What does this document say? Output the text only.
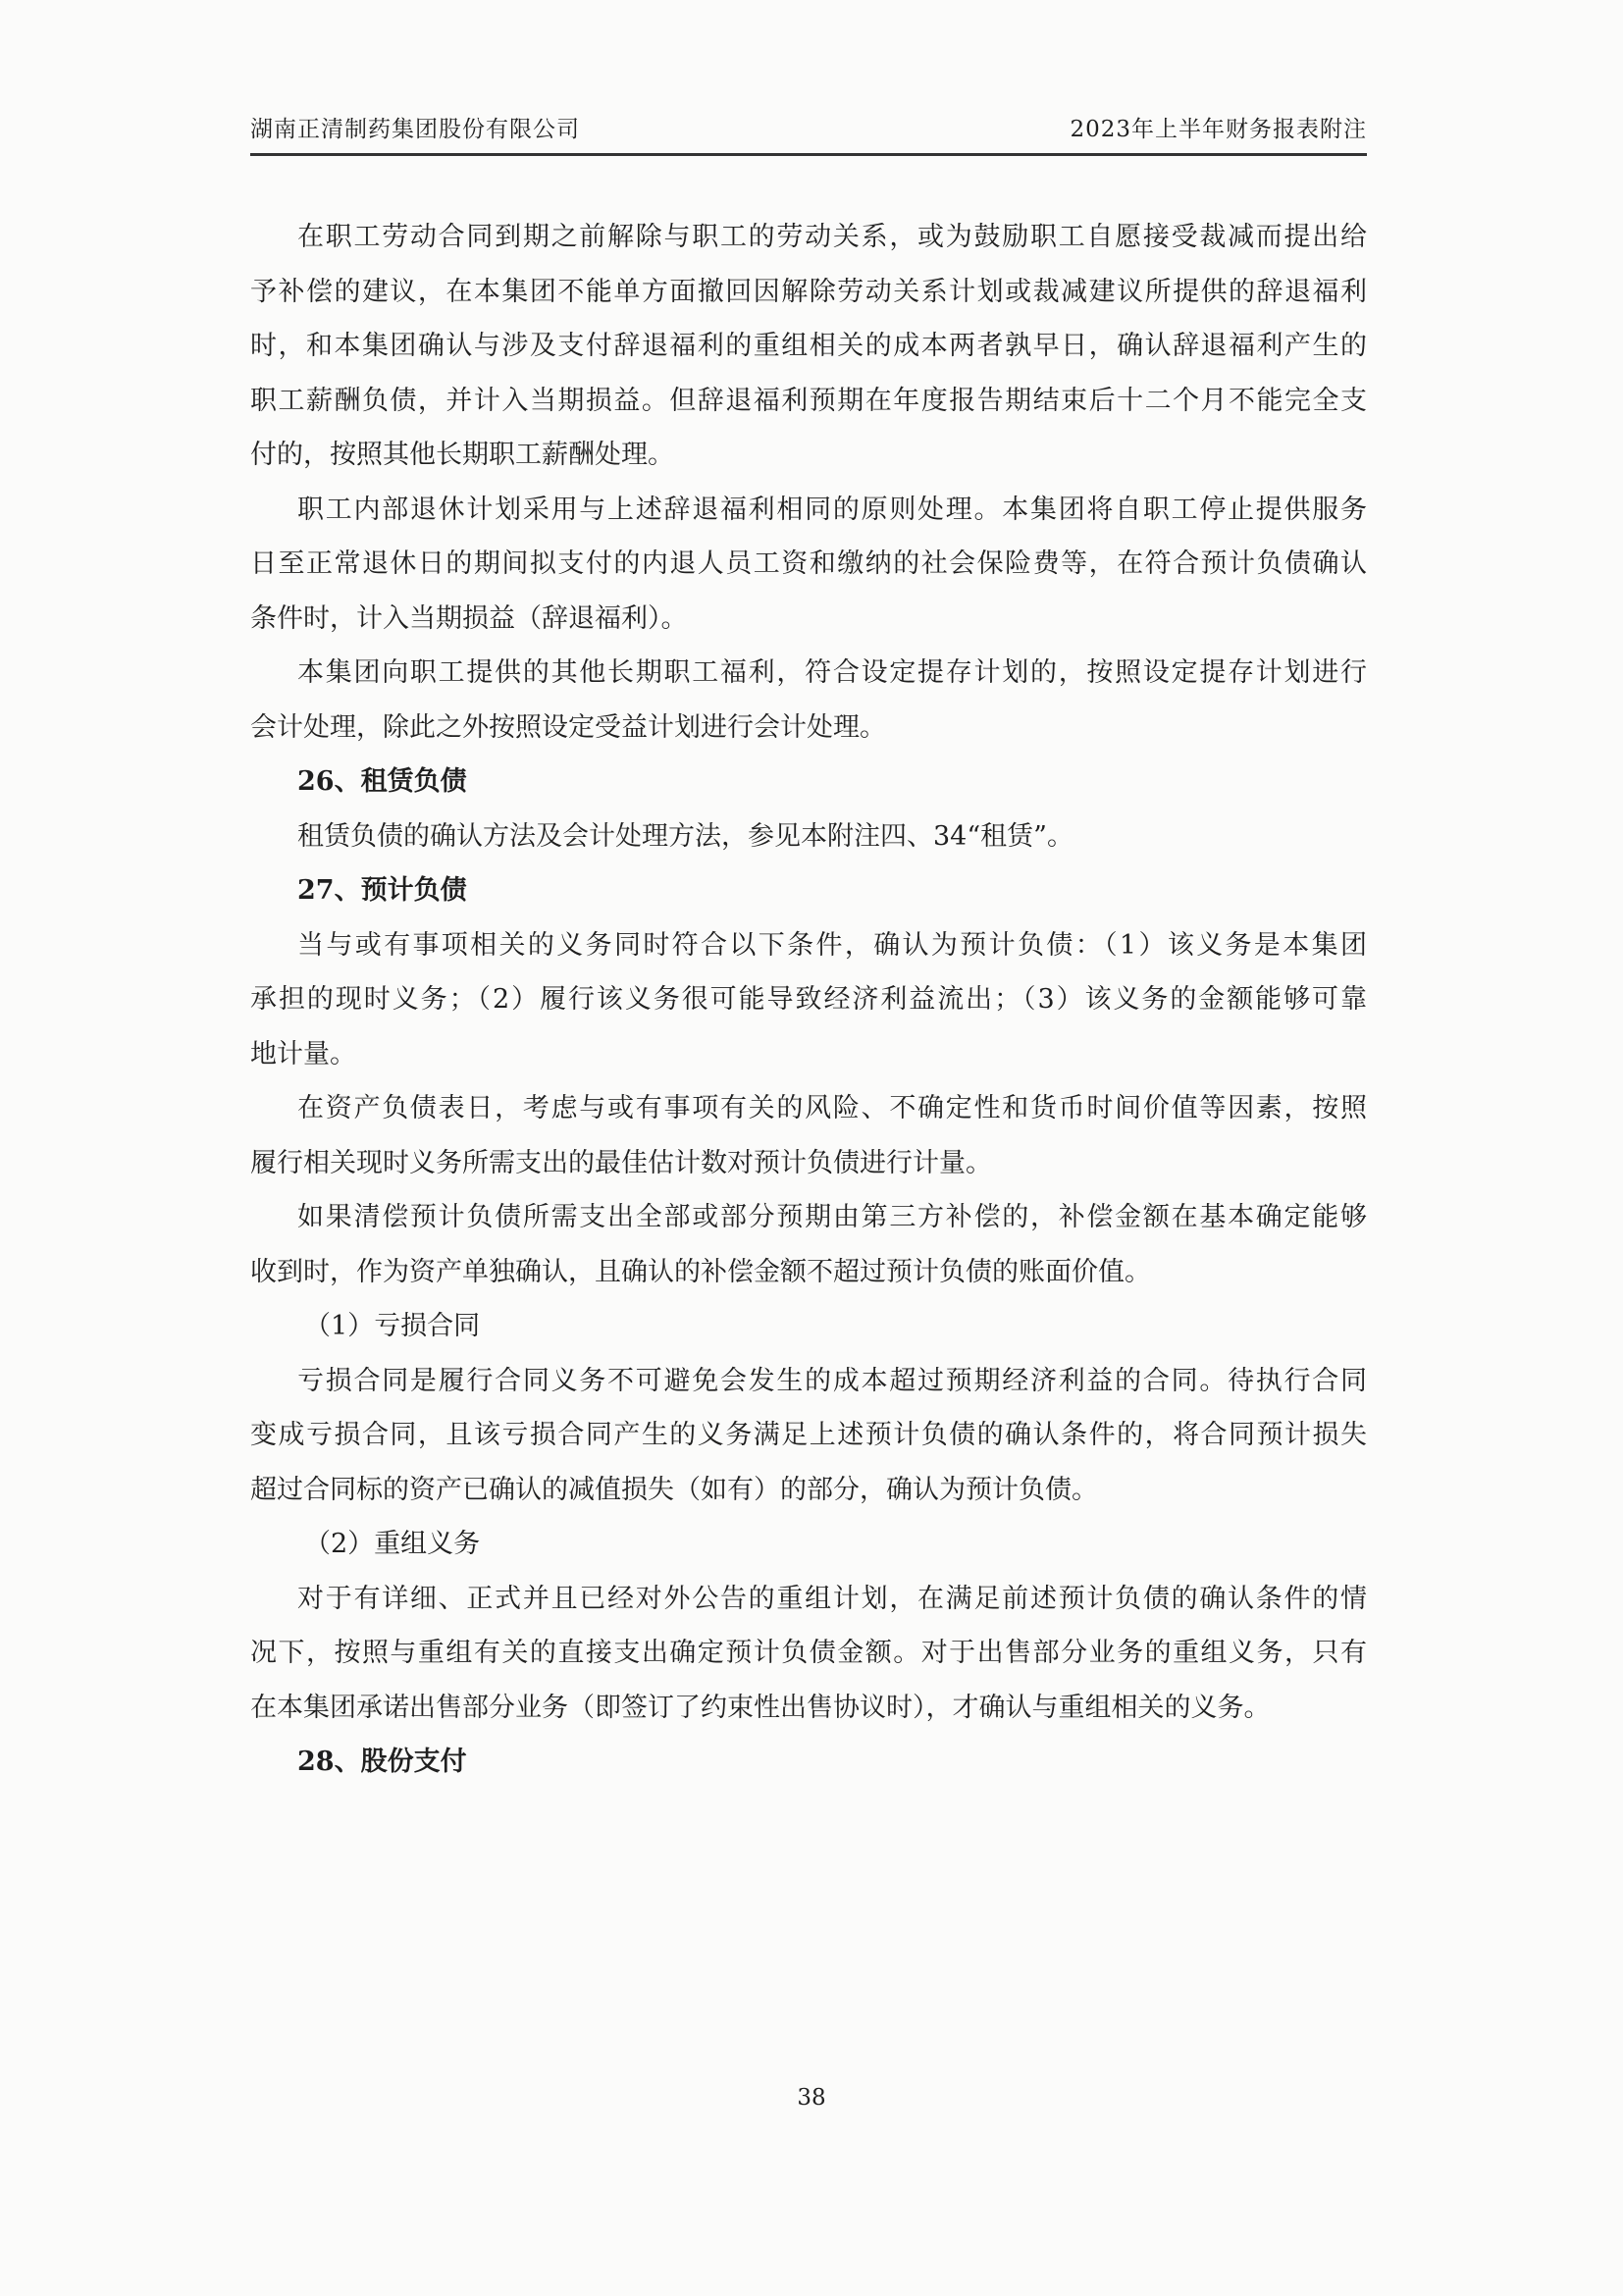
湖南正清制药集团股份有限公司	2023年上半年财务报表附注
在职工劳动合同到期之前解除与职工的劳动关系，或为鼓励职工自愿接受裁减而提出给
予补偿的建议，在本集团不能单方面撤回因解除劳动关系计划或裁减建议所提供的辞退福利
时，和本集团确认与涉及支付辞退福利的重组相关的成本两者孰早日，确认辞退福利产生的
职工薪酬负债，并计入当期损益。但辞退福利预期在年度报告期结束后十二个月不能完全支
付的，按照其他长期职工薪酬处理。
职工内部退休计划采用与上述辞退福利相同的原则处理。本集团将自职工停止提供服务
日至正常退休日的期间拟支付的内退人员工资和缴纳的社会保险费等，在符合预计负债确认
条件时，计入当期损益（辞退福利）。
本集团向职工提供的其他长期职工福利，符合设定提存计划的，按照设定提存计划进行
会计处理，除此之外按照设定受益计划进行会计处理。
26、租赁负债
租赁负债的确认方法及会计处理方法，参见本附注四、34“租赁”。
27、预计负债
当与或有事项相关的义务同时符合以下条件，确认为预计负债：（1）该义务是本集团
承担的现时义务；（2）履行该义务很可能导致经济利益流出；（3）该义务的金额能够可靠
地计量。
在资产负债表日，考虑与或有事项有关的风险、不确定性和货币时间价值等因素，按照
履行相关现时义务所需支出的最佳估计数对预计负债进行计量。
如果清偿预计负债所需支出全部或部分预期由第三方补偿的，补偿金额在基本确定能够
收到时，作为资产单独确认，且确认的补偿金额不超过预计负债的账面价值。
（1）亏损合同
亏损合同是履行合同义务不可避免会发生的成本超过预期经济利益的合同。待执行合同
变成亏损合同，且该亏损合同产生的义务满足上述预计负债的确认条件的，将合同预计损失
超过合同标的资产已确认的减值损失（如有）的部分，确认为预计负债。
（2）重组义务
对于有详细、正式并且已经对外公告的重组计划，在满足前述预计负债的确认条件的情
况下，按照与重组有关的直接支出确定预计负债金额。对于出售部分业务的重组义务，只有
在本集团承诺出售部分业务（即签订了约束性出售协议时），才确认与重组相关的义务。
28、股份支付
38
